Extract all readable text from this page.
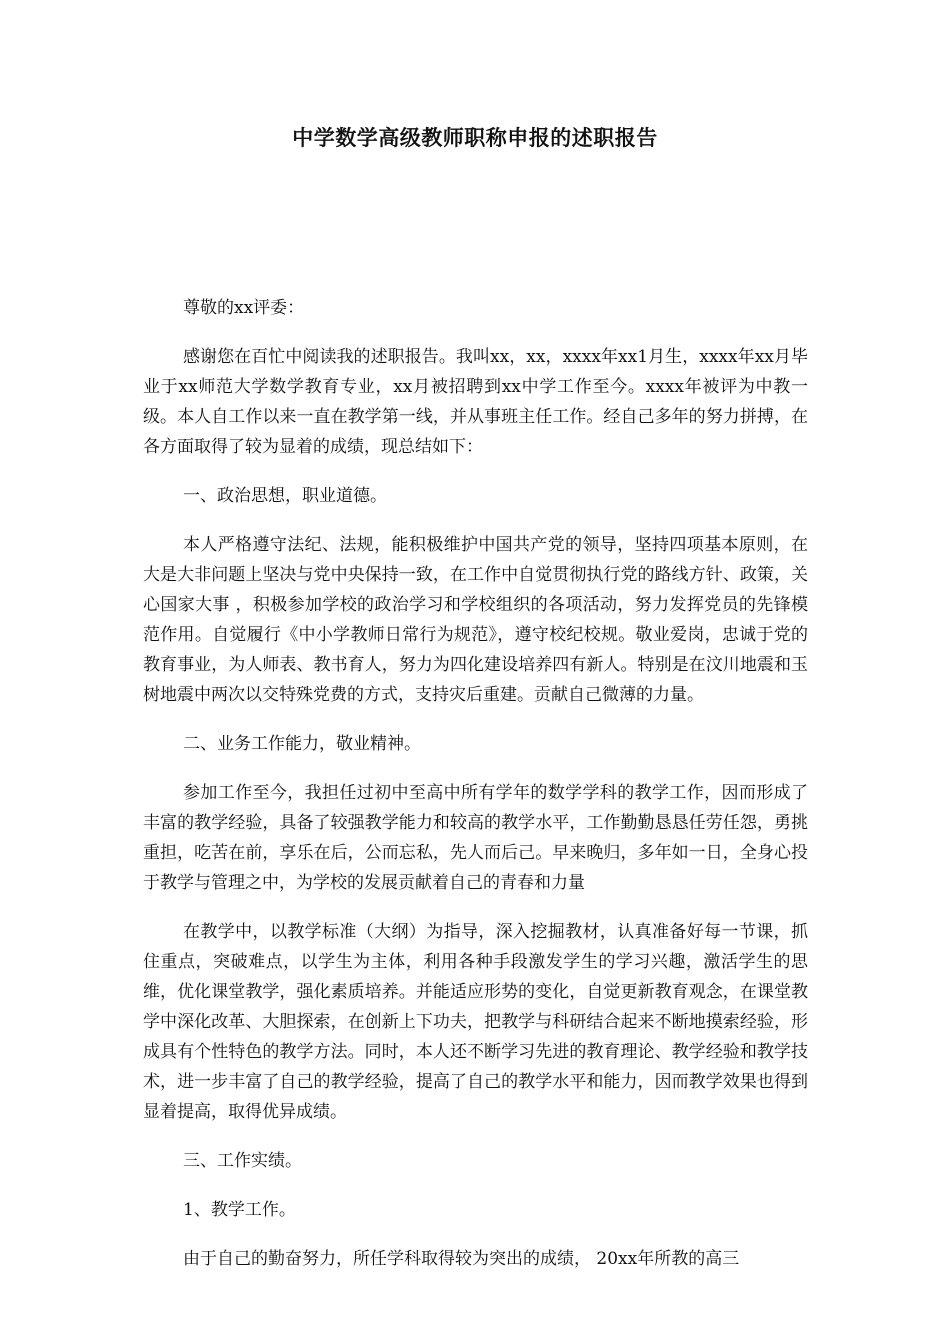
中学数学高级教师职称申报的述职报告

尊敬的xx评委：

感谢您在百忙中阅读我的述职报告。我叫xx，xx，xxxx年xx1月生，xxxx年xx月毕业于xx师范大学数学教育专业，xx月被招聘到xx中学工作至今。xxxx年被评为中教一级。本人自工作以来一直在教学第一线，并从事班主任工作。经自己多年的努力拼搏，在各方面取得了较为显着的成绩，现总结如下：

一、政治思想，职业道德。

本人严格遵守法纪、法规，能积极维护中国共产党的领导，坚持四项基本原则，在大是大非问题上坚决与党中央保持一致，在工作中自觉贯彻执行党的路线方针、政策，关心国家大事 ，积极参加学校的政治学习和学校组织的各项活动，努力发挥党员的先锋模范作用。自觉履行《中小学教师日常行为规范》，遵守校纪校规。敬业爱岗，忠诚于党的教育事业，为人师表、教书育人，努力为四化建设培养四有新人。特别是在汶川地震和玉树地震中两次以交特殊党费的方式，支持灾后重建。贡献自己微薄的力量。

二、业务工作能力，敬业精神。

参加工作至今，我担任过初中至高中所有学年的数学学科的教学工作，因而形成了丰富的教学经验，具备了较强教学能力和较高的教学水平，工作勤勤恳恳任劳任怨，勇挑重担，吃苦在前，享乐在后，公而忘私，先人而后己。早来晚归，多年如一日，全身心投于教学与管理之中，为学校的发展贡献着自己的青春和力量

在教学中，以教学标准（大纲）为指导，深入挖掘教材，认真准备好每一节课，抓住重点，突破难点，以学生为主体，利用各种手段激发学生的学习兴趣，激活学生的思维，优化课堂教学，强化素质培养。并能适应形势的变化，自觉更新教育观念，在课堂教学中深化改革、大胆探索，在创新上下功夫，把教学与科研结合起来不断地摸索经验，形成具有个性特色的教学方法。同时，本人还不断学习先进的教育理论、教学经验和教学技术，进一步丰富了自己的教学经验，提高了自己的教学水平和能力，因而教学效果也得到显着提高，取得优异成绩。

三、工作实绩。

1、教学工作。

由于自己的勤奋努力，所任学科取得较为突出的成绩， 20xx年所教的高三
